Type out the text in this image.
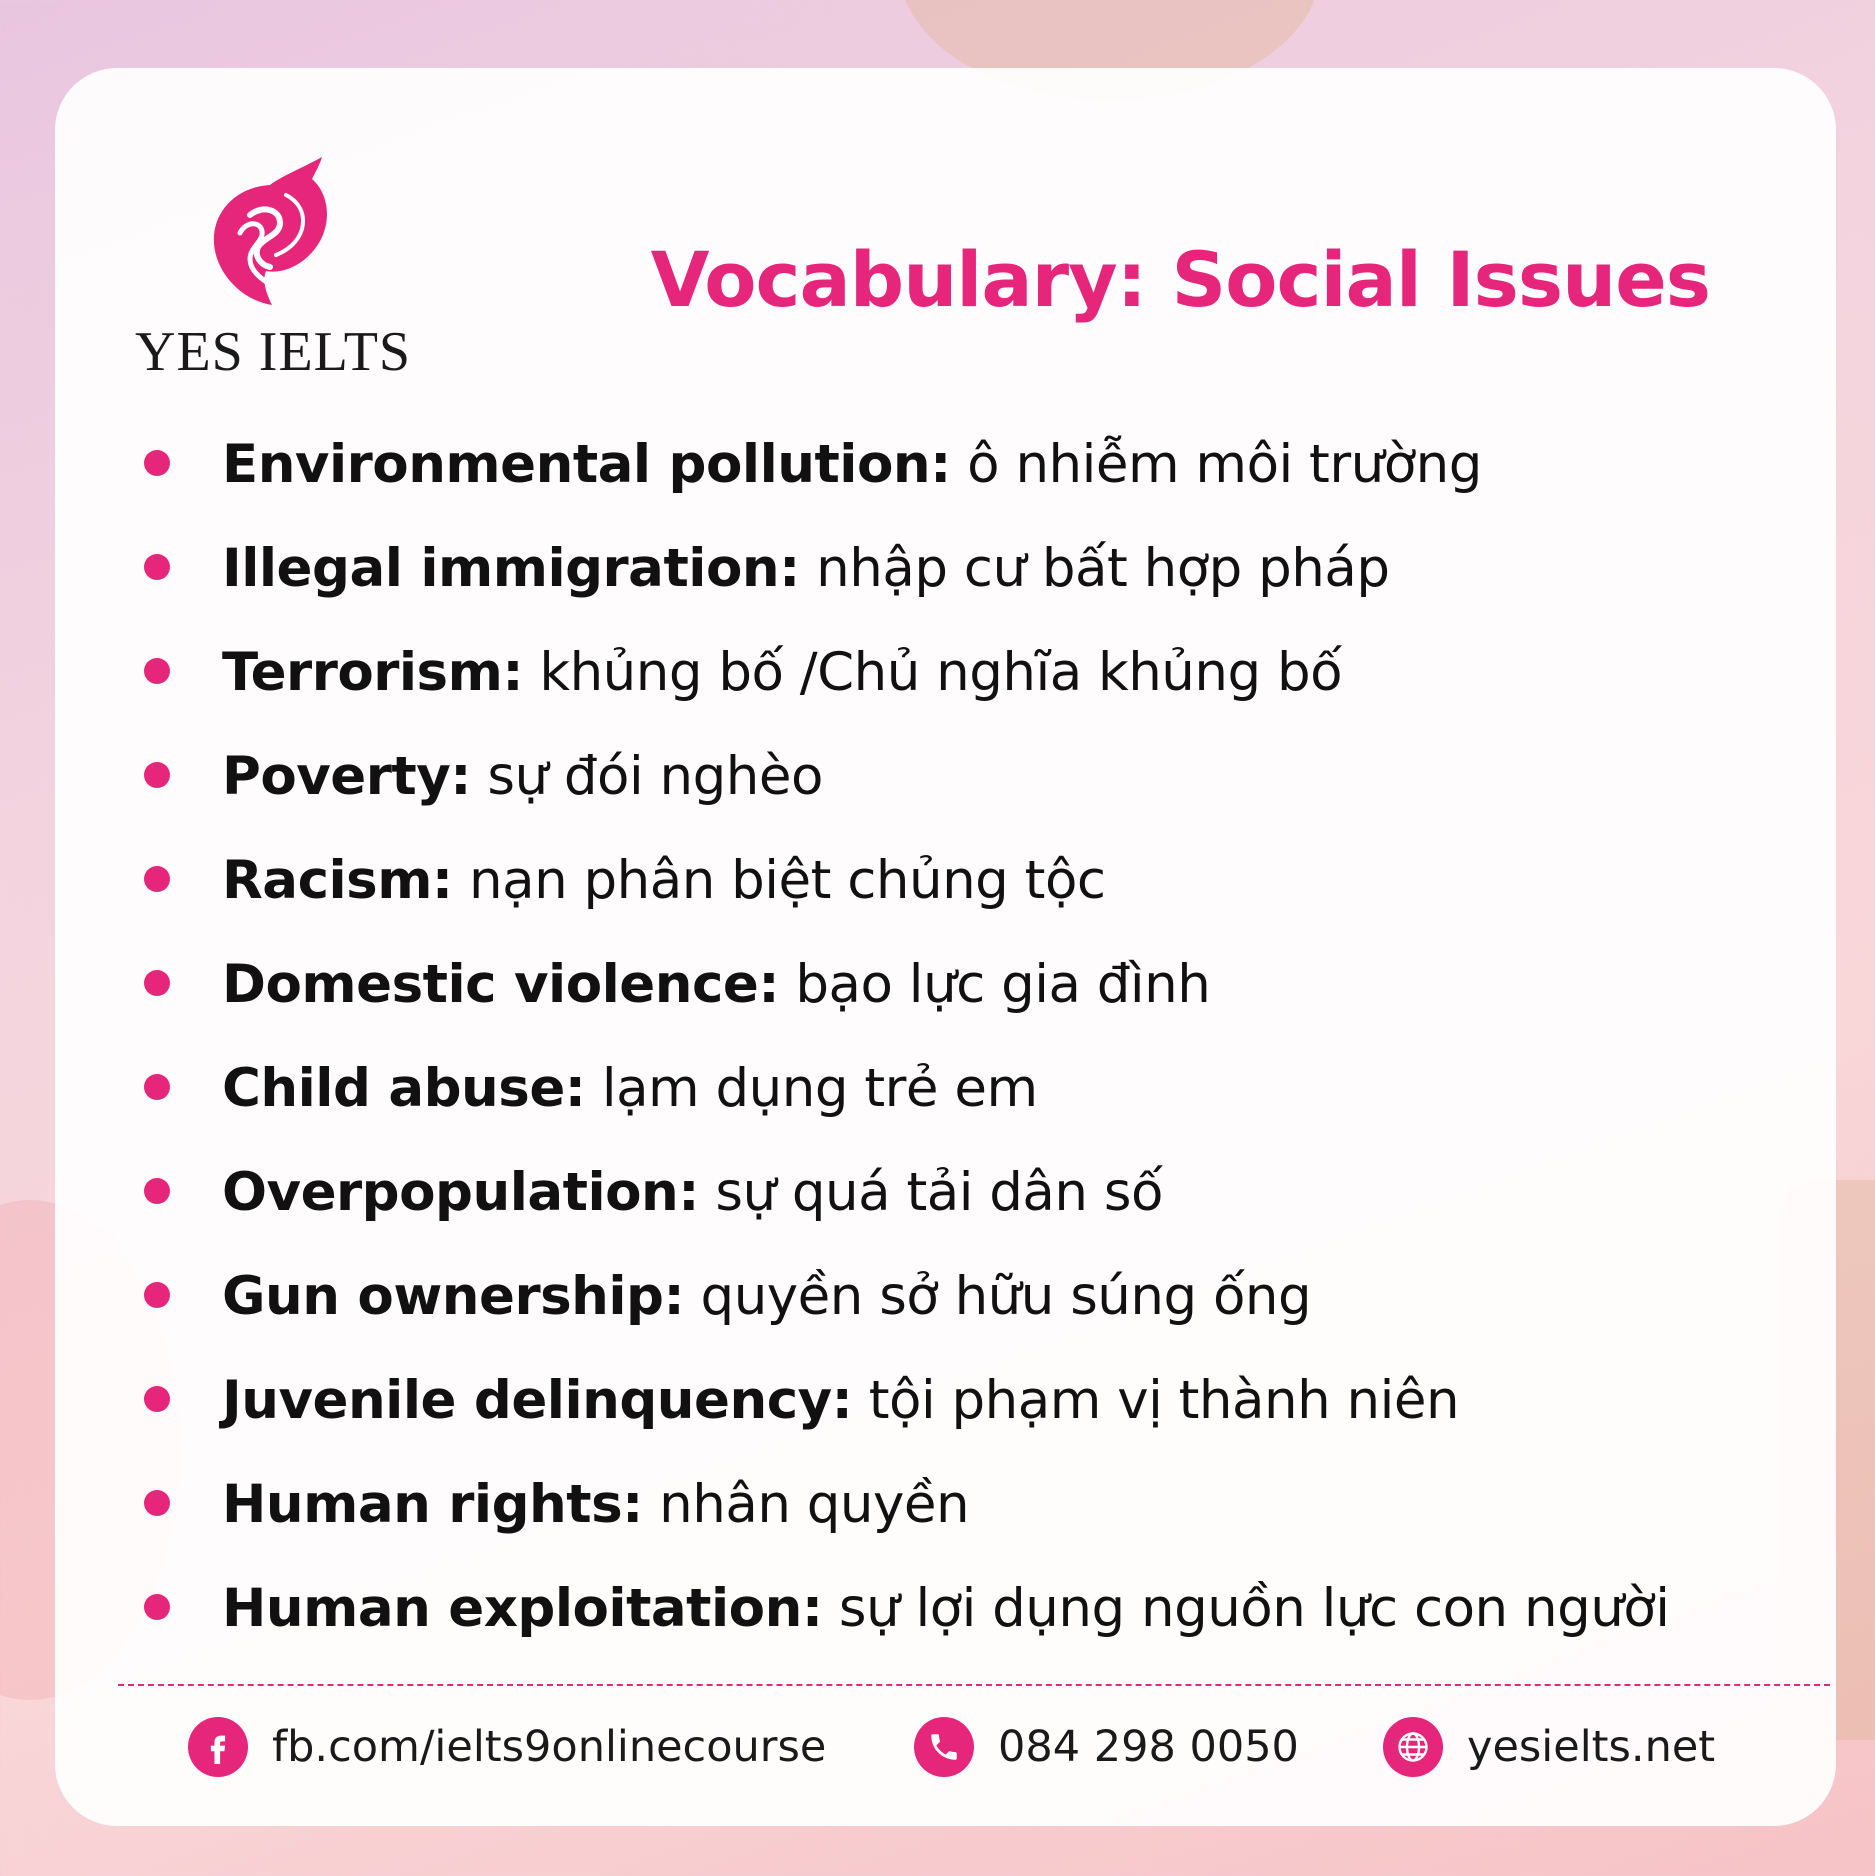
YES IELTS
Vocabulary: Social Issues
Environmental pollution: ô nhiễm môi trường
Illegal immigration: nhập cư bất hợp pháp
Terrorism: khủng bố /Chủ nghĩa khủng bố
Poverty: sự đói nghèo
Racism: nạn phân biệt chủng tộc
Domestic violence: bạo lực gia đình
Child abuse: lạm dụng trẻ em
Overpopulation: sự quá tải dân số
Gun ownership: quyền sở hữu súng ống
Juvenile delinquency: tội phạm vị thành niên
Human rights: nhân quyền
Human exploitation: sự lợi dụng nguồn lực con người
fb.com/ielts9onlinecourse	084 298 0050	yesielts.net
